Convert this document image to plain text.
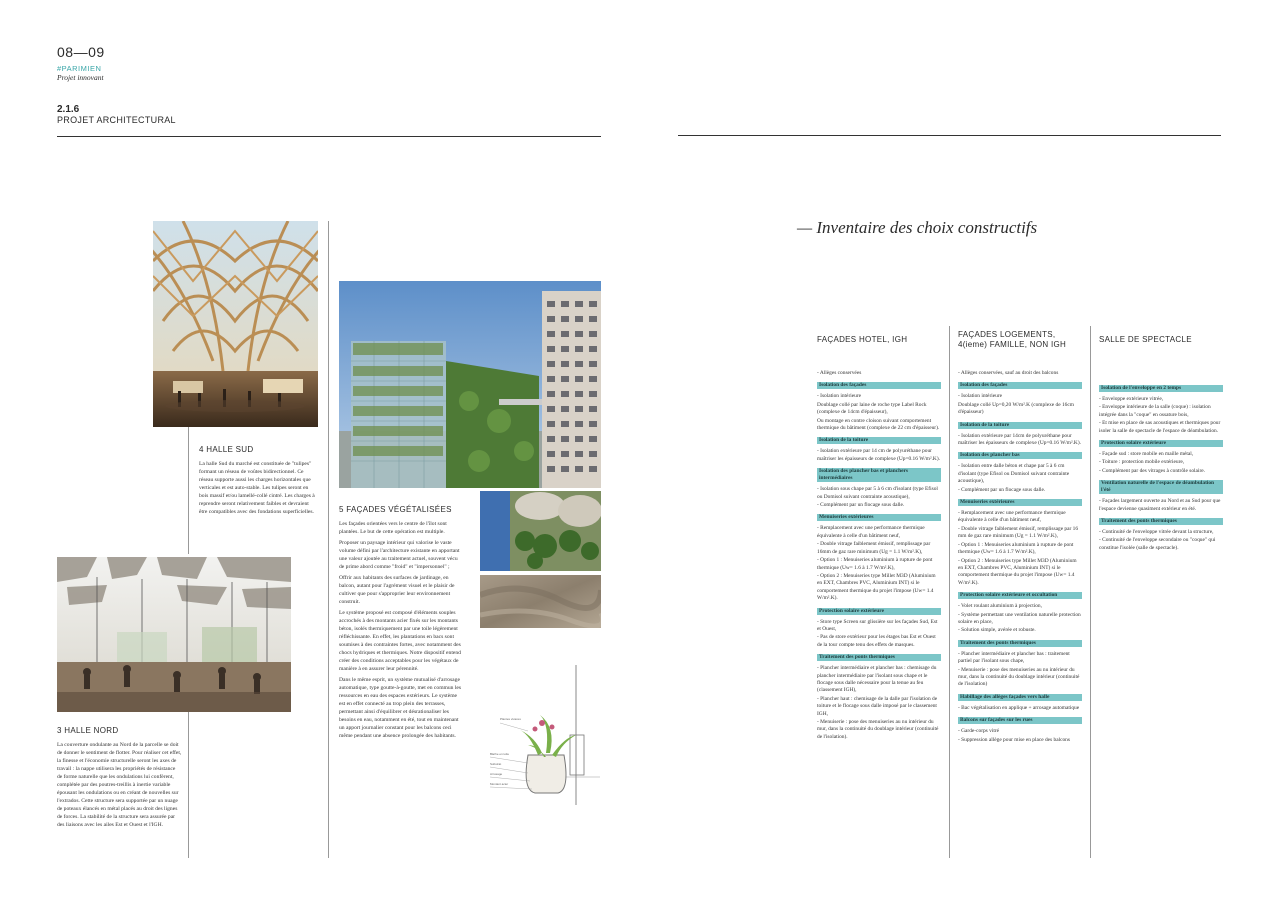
08—09
#PARIMIEN
Projet innovant
2.1.6
PROJET ARCHITECTURAL
4 HALLE SUD
La halle Sud du marché est constituée de "tulipes" formant un réseau de voûtes bidirectionnel. Ce réseau supporte aussi les charges horizontales que verticales et est auto-stable. Les tulipes seront en bois massif et/ou lamellé-collé cintré. Les charges à reprendre seront relativement faibles et devraient être compatibles avec des fondations superficielles.
3 HALLE NORD
La couverture ondulante au Nord de la parcelle se doit de donner le sentiment de flotter. Pour réaliser cet effet, la finesse et l'économie structurelle seront les axes de travail : la nappe utilisera les propriétés de résistance de forme naturelle que les ondulations lui confèrent, complétée par des poutres-treillis à inertie variable épousant les ondulations ou en créant de nouvelles sur l'extrados. Cette structure sera supportée par un nuage de poteaux élancés en métal placés au droit des lignes de forces. La stabilité de la structure sera assurée par des liaisons avec les ailes Est et Ouest et l'IGH.
Plantes vivaces
Bâche en toile
Substrat
Arrosage
Montant acier
5 FAÇADES VÉGÉTALISÉES

Les façades orientées vers le centre de l'îlot sont plantées. Le but de cette opération est multiple.

Proposer un paysage intérieur qui valorise le vaste volume défini par l'architecture existante en apportant une valeur ajoutée au traitement actuel, souvent vécu de prime abord comme "froid" et "impersonnel" ;

Offrir aux habitants des surfaces de jardinage, en balcon, autant pour l'agrément visuel et le plaisir de cultiver que pour s'approprier leur environnement construit.

Le système proposé est composé d'éléments souples accrochés à des montants acier fixés sur les montants béton, isolés thermiquement par une toile légèrement réfléchissante. En effet, les plantations en bacs sont soumises à des contraintes fortes, avec notamment des chocs hydriques et thermiques. Notre dispositif entend créer des conditions acceptables pour les végétaux de manière à en assurer leur pérennité.

Dans le même esprit, un système mutualisé d'arrosage automatique, type goutte-à-goutte, met en commun les ressources en eau des espaces extérieurs. Le système est en effet connecté au trop plein des terrasses, permettant ainsi d'équilibrer et désrationaliser les besoins en eau, notamment en été, tout en maintenant un apport journalier constant pour les balcons ceci même pendant une absence prolongée des habitants.

— Inventaire des choix constructifs
FAÇADES HOTEL, IGH

- Allèges conservées

Isolation des façades

- Isolation intérieure

Doublage collé par laine de roche type Label Rock (complexe de 14cm d'épaisseur),

Ou montage en contre cloison suivant comportement thermique du bâtiment (complexe de 22 cm d'épaisseur).

Isolation de la toiture

- Isolation extérieure par 14 cm de polyuréthane pour maîtriser les épaisseurs de complexe (Up=0.16 W/m².K).

Isolation des plancher bas et planchers intermédiaires

- Isolation sous chape par 5 à 6 cm d'isolant (type Efisol ou Domisol suivant contrainte acoustique),

- Complément par un flocage sous dalle.

Menuiseries extérieures

- Remplacement avec une performance thermique équivalente à celle d'un bâtiment neuf,

- Double vitrage faiblement émissif, remplissage par 16mm de gaz rare minimum (Ug = 1.1 W/m².K),

- Option 1 : Menuiseries aluminium à rupture de pont thermique (Uw= 1.6 à 1.7 W/m².K),

- Option 2 : Menuiseries type Millet M3D (Aluminium en EXT, Chambres PVC, Aluminium INT) si le comportement thermique du projet l'impose (Uw= 1.4 W/m².K).

Protection solaire extérieure

- Store type Screen sur glissière sur les façades Sud, Est et Ouest,

- Pas de store extérieur pour les étages bas Est et Ouest de la tour compte tenu des effets de masques.

Traitement des ponts thermiques

- Plancher intermédiaire et plancher bas : chemisage du plancher intermédiaire par l'isolant sous chape et le flocage sous dalle nécessaire pour la tenue au feu (classement IGH),

- Plancher haut : chemisage de la dalle par l'isolation de toiture et le flocage sous dalle imposé par le classement IGH,

- Menuiserie : pose des menuiseries au nu intérieur du mur, dans la continuité du doublage intérieur (continuité de l'isolation).

FAÇADES LOGEMENTS, 4(ieme) FAMILLE, NON IGH

- Allèges conservées, sauf au droit des balcons

Isolation des façades

- Isolation intérieure

Doublage collé Up=0,20 W/m².K (complexe de 16cm d'épaisseur)

Isolation de la toiture

- Isolation extérieure par 14cm de polyuréthane pour maîtriser les épaisseurs de complexe (Up=0.16 W/m².K).

Isolation des plancher bas

- Isolation entre dalle béton et chape par 5 à 6 cm d'isolant (type Efisol ou Domisol suivant contrainte acoustique),

- Complément par un flocage sous dalle.

Menuiseries extérieures

- Remplacement avec une performance thermique équivalente à celle d'un bâtiment neuf,

- Double vitrage faiblement émissif, remplissage par 16 mm de gaz rare minimum (Ug = 1.1 W/m².K),

- Option 1 : Menuiseries aluminium à rupture de pont thermique (Uw= 1.6 à 1.7 W/m².K),

- Option 2 : Menuiseries type Millet M3D (Aluminium en EXT, Chambres PVC, Aluminium INT) si le comportement thermique du projet l'impose (Uw= 1.4 W/m².K).

Protection solaire extérieure et occultation

- Volet roulant aluminium à projection,

- Système permettant une ventilation naturelle protection solaire en place,

- Solution simple, avérée et robuste.

Traitement des ponts thermiques

- Plancher intermédiaire et plancher bas : traitement partiel par l'isolant sous chape,

- Menuiserie : pose des menuiseries au nu intérieur du mur, dans la continuité du doublage intérieur (continuité de l'isolation)

Habillage des allèges façades vers halle

- Bac végétalisation en applique + arrosage automatique

Balcons sur façades sur les rues

- Garde-corps vitré

- Suppression allège pour mise en place des balcons

SALLE DE SPECTACLE
Isolation de l'enveloppe en 2 temps

- Enveloppe extérieure vitrée,

- Enveloppe intérieure de la salle (coque) : isolation intégrée dans la "coque" en ossature bois,

- Et mise en place de sas acoustiques et thermiques pour isoler la salle de spectacle de l'espace de déambulation.

Protection solaire extérieure

- Façade sud : store mobile en maille métal,

- Toiture : protection mobile extérieure,

- Complément par des vitrages à contrôle solaire.

Ventilation naturelle de l'espace de déambulation l'été

- Façades largement ouverte au Nord et au Sud pour que l'espace devienne quasiment extérieur en été.

Traitement des ponts thermiques

- Continuité de l'enveloppe vitrée devant la structure,

- Continuité de l'enveloppe secondaire ou "coque" qui constitue l'isolée (salle de spectacle).
